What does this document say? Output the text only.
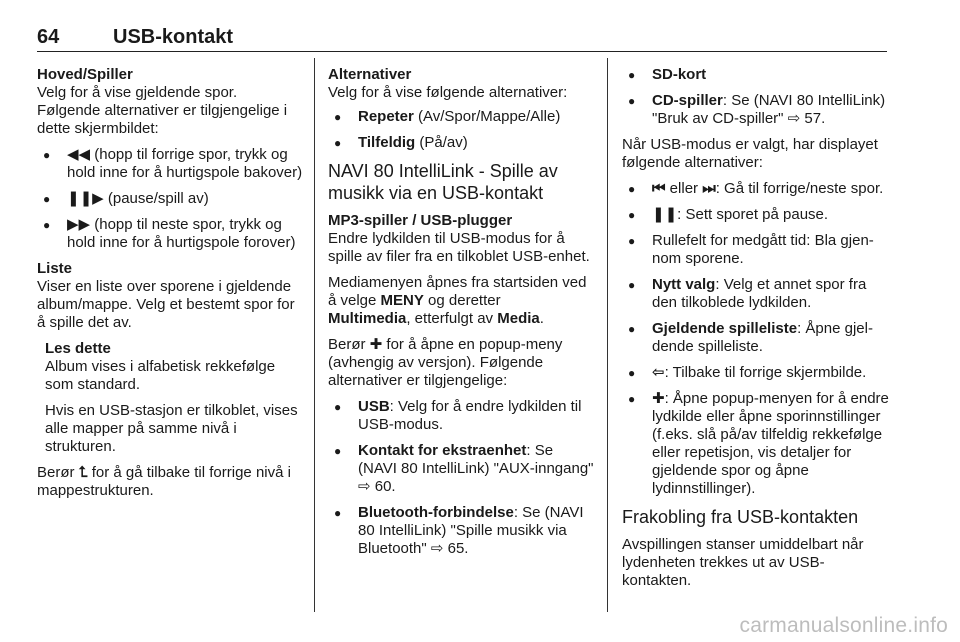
64	USB-kontakt

Hoved/Spiller

Velg for å vise gjeldende spor.

Følgende alternativer er tilgjengelige i dette skjermbildet:

● ◀◀ (hopp til forrige spor, trykk og hold inne for å hurtigspole bakover)
● ❚❚▶ (pause/spill av)
● ▶▶ (hopp til neste spor, trykk og hold inne for å hurtigspole forover)

Liste

Viser en liste over sporene i gjeldende album/mappe. Velg et bestemt spor for å spille det av.

Les dette

Album vises i alfabetisk rekkefølge som standard.

Hvis en USB-stasjon er tilkoblet, vises alle mapper på samme nivå i strukturen.

Berør ⮤ for å gå tilbake til forrige nivå i mappestrukturen.

Alternativer

Velg for å vise følgende alternativer:

● Repeter (Av/Spor/Mappe/Alle)
● Tilfeldig (På/av)
NAVI 80 IntelliLink - Spille av musikk via en USB-kontakt

MP3-spiller / USB-plugger

Endre lydkilden til USB-modus for å spille av filer fra en tilkoblet USB-enhet.

Mediamenyen åpnes fra startsiden ved å velge MENY og deretter
Multimedia, etterfulgt av Media.

Berør ✚ for å åpne en popup-meny (avhengig av versjon). Følgende alternativer er tilgjengelige:

● USB: Velg for å endre lydkilden til USB-modus.
● Kontakt for ekstraenhet: Se (NAVI 80 IntelliLink) "AUX-inngang" ⇨ 60.
● Bluetooth-forbindelse: Se (NAVI 80 IntelliLink) "Spille musikk via Bluetooth" ⇨ 65.
● SD-kort
● CD-spiller: Se (NAVI 80 IntelliLink) "Bruk av CD-spiller" ⇨ 57.

Når USB-modus er valgt, har displayet følgende alternativer:

● ⏮ eller ⏭: Gå til forrige/neste spor.
● ❚❚: Sett sporet på pause.
● Rullefelt for medgått tid: Bla gjennom sporene.
● Nytt valg: Velg et annet spor fra den tilkoblede lydkilden.
● Gjeldende spilleliste: Åpne gjeldende spilleliste.
● ⇦: Tilbake til forrige skjermbilde.
● ✚: Åpne popup-menyen for å endre lydkilde eller åpne sporinnstillinger (f.eks. slå på/av tilfeldig rekkefølge eller repetisjon, vis detaljer for gjeldende spor og åpne lydinnstillinger).
Frakobling fra USB-kontakten

Avspillingen stanser umiddelbart når lydenheten trekkes ut av USB-kontakten.

carmanualsonline.info
